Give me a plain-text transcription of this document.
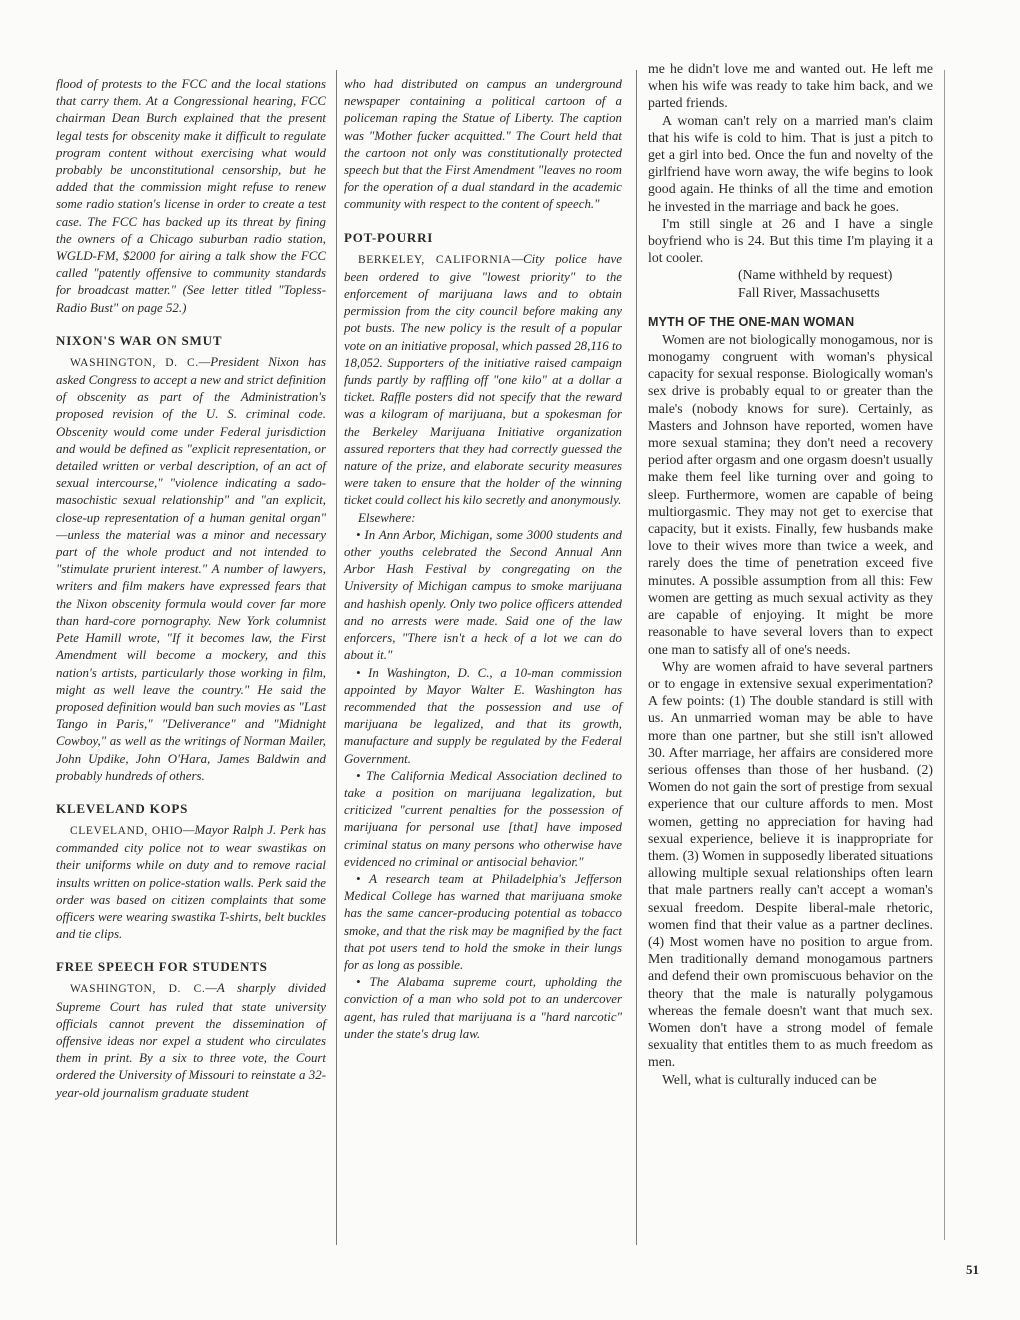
flood of protests to the FCC and the local stations that carry them. At a Congressional hearing, FCC chairman Dean Burch explained that the present legal tests for obscenity make it difficult to regulate program content without exercising what would probably be unconstitutional censorship, but he added that the commission might refuse to renew some radio station's license in order to create a test case. The FCC has backed up its threat by fining the owners of a Chicago suburban radio station, WGLD-FM, $2000 for airing a talk show the FCC called "patently offensive to community standards for broadcast matter." (See letter titled "Topless-Radio Bust" on page 52.)

NIXON'S WAR ON SMUT

WASHINGTON, D. C.—President Nixon has asked Congress to accept a new and strict definition of obscenity as part of the Administration's proposed revision of the U. S. criminal code. Obscenity would come under Federal jurisdiction and would be defined as "explicit representation, or detailed written or verbal description, of an act of sexual intercourse," "violence indicating a sado-masochistic sexual relationship" and "an explicit, close-up representation of a human genital organ" —unless the material was a minor and necessary part of the whole product and not intended to "stimulate prurient interest." A number of lawyers, writers and film makers have expressed fears that the Nixon obscenity formula would cover far more than hard-core pornography. New York columnist Pete Hamill wrote, "If it becomes law, the First Amendment will become a mockery, and this nation's artists, particularly those working in film, might as well leave the country." He said the proposed definition would ban such movies as "Last Tango in Paris," "Deliverance" and "Midnight Cowboy," as well as the writings of Norman Mailer, John Updike, John O'Hara, James Baldwin and probably hundreds of others.

KLEVELAND KOPS

CLEVELAND, OHIO—Mayor Ralph J. Perk has commanded city police not to wear swastikas on their uniforms while on duty and to remove racial insults written on police-station walls. Perk said the order was based on citizen complaints that some officers were wearing swastika T-shirts, belt buckles and tie clips.

FREE SPEECH FOR STUDENTS

WASHINGTON, D. C.—A sharply divided Supreme Court has ruled that state university officials cannot prevent the dissemination of offensive ideas nor expel a student who circulates them in print. By a six to three vote, the Court ordered the University of Missouri to reinstate a 32-year-old journalism graduate student

who had distributed on campus an underground newspaper containing a political cartoon of a policeman raping the Statue of Liberty. The caption was "Mother fucker acquitted." The Court held that the cartoon not only was constitutionally protected speech but that the First Amendment "leaves no room for the operation of a dual standard in the academic community with respect to the content of speech."

POT-POURRI

BERKELEY, CALIFORNIA—City police have been ordered to give "lowest priority" to the enforcement of marijuana laws and to obtain permission from the city council before making any pot busts. The new policy is the result of a popular vote on an initiative proposal, which passed 28,116 to 18,052. Supporters of the initiative raised campaign funds partly by raffling off "one kilo" at a dollar a ticket. Raffle posters did not specify that the reward was a kilogram of marijuana, but a spokesman for the Berkeley Marijuana Initiative organization assured reporters that they had correctly guessed the nature of the prize, and elaborate security measures were taken to ensure that the holder of the winning ticket could collect his kilo secretly and anonymously.

Elsewhere:

• In Ann Arbor, Michigan, some 3000 students and other youths celebrated the Second Annual Ann Arbor Hash Festival by congregating on the University of Michigan campus to smoke marijuana and hashish openly. Only two police officers attended and no arrests were made. Said one of the law enforcers, "There isn't a heck of a lot we can do about it."

• In Washington, D. C., a 10-man commission appointed by Mayor Walter E. Washington has recommended that the possession and use of marijuana be legalized, and that its growth, manufacture and supply be regulated by the Federal Government.

• The California Medical Association declined to take a position on marijuana legalization, but criticized "current penalties for the possession of marijuana for personal use [that] have imposed criminal status on many persons who otherwise have evidenced no criminal or antisocial behavior."

• A research team at Philadelphia's Jefferson Medical College has warned that marijuana smoke has the same cancer-producing potential as tobacco smoke, and that the risk may be magnified by the fact that pot users tend to hold the smoke in their lungs for as long as possible.

• The Alabama supreme court, upholding the conviction of a man who sold pot to an undercover agent, has ruled that marijuana is a "hard narcotic" under the state's drug law.

me he didn't love me and wanted out. He left me when his wife was ready to take him back, and we parted friends.

A woman can't rely on a married man's claim that his wife is cold to him. That is just a pitch to get a girl into bed. Once the fun and novelty of the girlfriend have worn away, the wife begins to look good again. He thinks of all the time and emotion he invested in the marriage and back he goes.

I'm still single at 26 and I have a single boyfriend who is 24. But this time I'm playing it a lot cooler.

(Name withheld by request)

Fall River, Massachusetts

MYTH OF THE ONE-MAN WOMAN

Women are not biologically monogamous, nor is monogamy congruent with woman's physical capacity for sexual response. Biologically woman's sex drive is probably equal to or greater than the male's (nobody knows for sure). Certainly, as Masters and Johnson have reported, women have more sexual stamina; they don't need a recovery period after orgasm and one orgasm doesn't usually make them feel like turning over and going to sleep. Furthermore, women are capable of being multiorgasmic. They may not get to exercise that capacity, but it exists. Finally, few husbands make love to their wives more than twice a week, and rarely does the time of penetration exceed five minutes. A possible assumption from all this: Few women are getting as much sexual activity as they are capable of enjoying. It might be more reasonable to have several lovers than to expect one man to satisfy all of one's needs.

Why are women afraid to have several partners or to engage in extensive sexual experimentation? A few points: (1) The double standard is still with us. An unmarried woman may be able to have more than one partner, but she still isn't allowed 30. After marriage, her affairs are considered more serious offenses than those of her husband. (2) Women do not gain the sort of prestige from sexual experience that our culture affords to men. Most women, getting no appreciation for having had sexual experience, believe it is inappropriate for them. (3) Women in supposedly liberated situations allowing multiple sexual relationships often learn that male partners really can't accept a woman's sexual freedom. Despite liberal-male rhetoric, women find that their value as a partner declines. (4) Most women have no position to argue from. Men traditionally demand monogamous partners and defend their own promiscuous behavior on the theory that the male is naturally polygamous whereas the female doesn't want that much sex. Women don't have a strong model of female sexuality that entitles them to as much freedom as men.

Well, what is culturally induced can be

51
